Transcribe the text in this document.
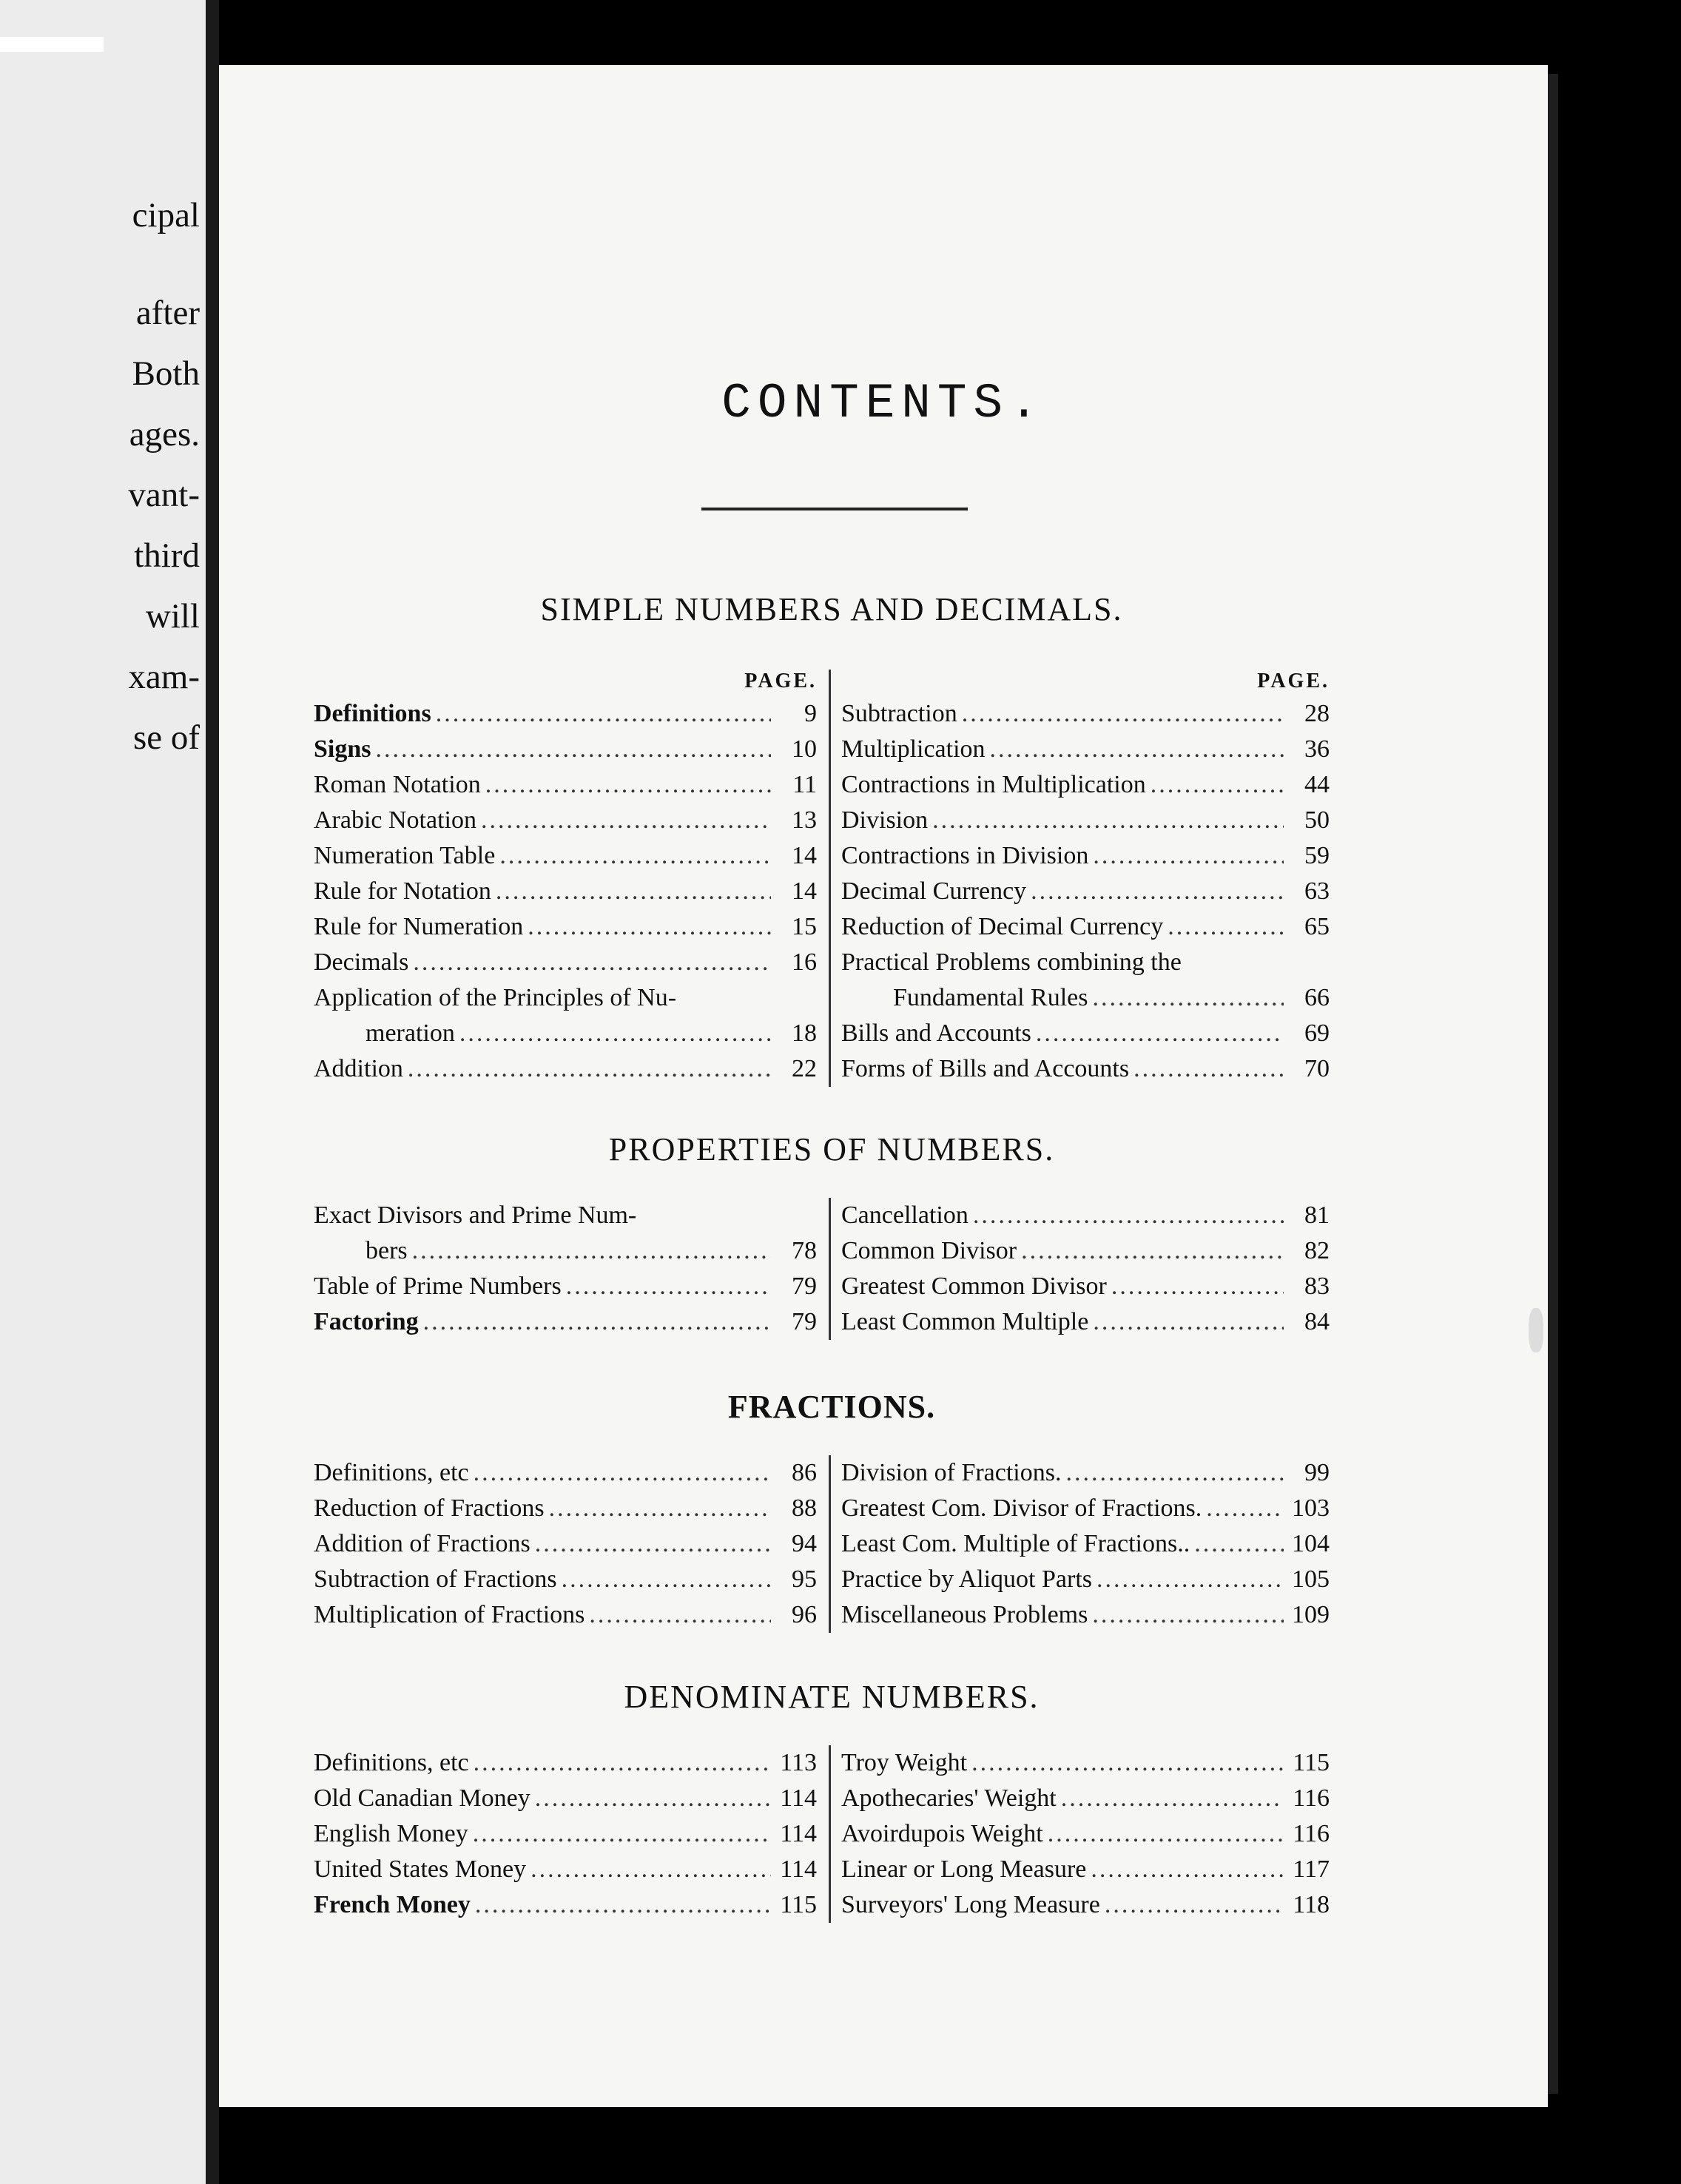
cipal
after
Both
ages.
vant-
third
will
xam-
se of
CONTENTS.
SIMPLE NUMBERS AND DECIMALS.
PAGE.
Definitions .....	9
Signs .....	10
Roman Notation .....	11
Arabic Notation .....	13
Numeration Table .....	14
Rule for Notation .....	14
Rule for Numeration .....	15
Decimals .....	16
Application of the Principles of Nu-
meration .....	18
Addition .....	22
PAGE.
Subtraction .....	28
Multiplication .....	36
Contractions in Multiplication .....	44
Division .....	50
Contractions in Division .....	59
Decimal Currency .....	63
Reduction of Decimal Currency .....	65
Practical Problems combining the
Fundamental Rules .....	66
Bills and Accounts .....	69
Forms of Bills and Accounts .....	70
PROPERTIES OF NUMBERS.
Exact Divisors and Prime Num-
bers .....	78
Table of Prime Numbers .....	79
Factoring .....	79
Cancellation .....	81
Common Divisor .....	82
Greatest Common Divisor .....	83
Least Common Multiple .....	84
FRACTIONS.
Definitions, etc .....	86
Reduction of Fractions .....	88
Addition of Fractions .....	94
Subtraction of Fractions .....	95
Multiplication of Fractions .....	96
Division of Fractions. .....	99
Greatest Com. Divisor of Fractions. .....	103
Least Com. Multiple of Fractions.. .....	104
Practice by Aliquot Parts .....	105
Miscellaneous Problems .....	109
DENOMINATE NUMBERS.
Definitions, etc .....	113
Old Canadian Money .....	114
English Money .....	114
United States Money .....	114
French Money .....	115
Troy Weight .....	115
Apothecaries' Weight .....	116
Avoirdupois Weight .....	116
Linear or Long Measure .....	117
Surveyors' Long Measure .....	118
